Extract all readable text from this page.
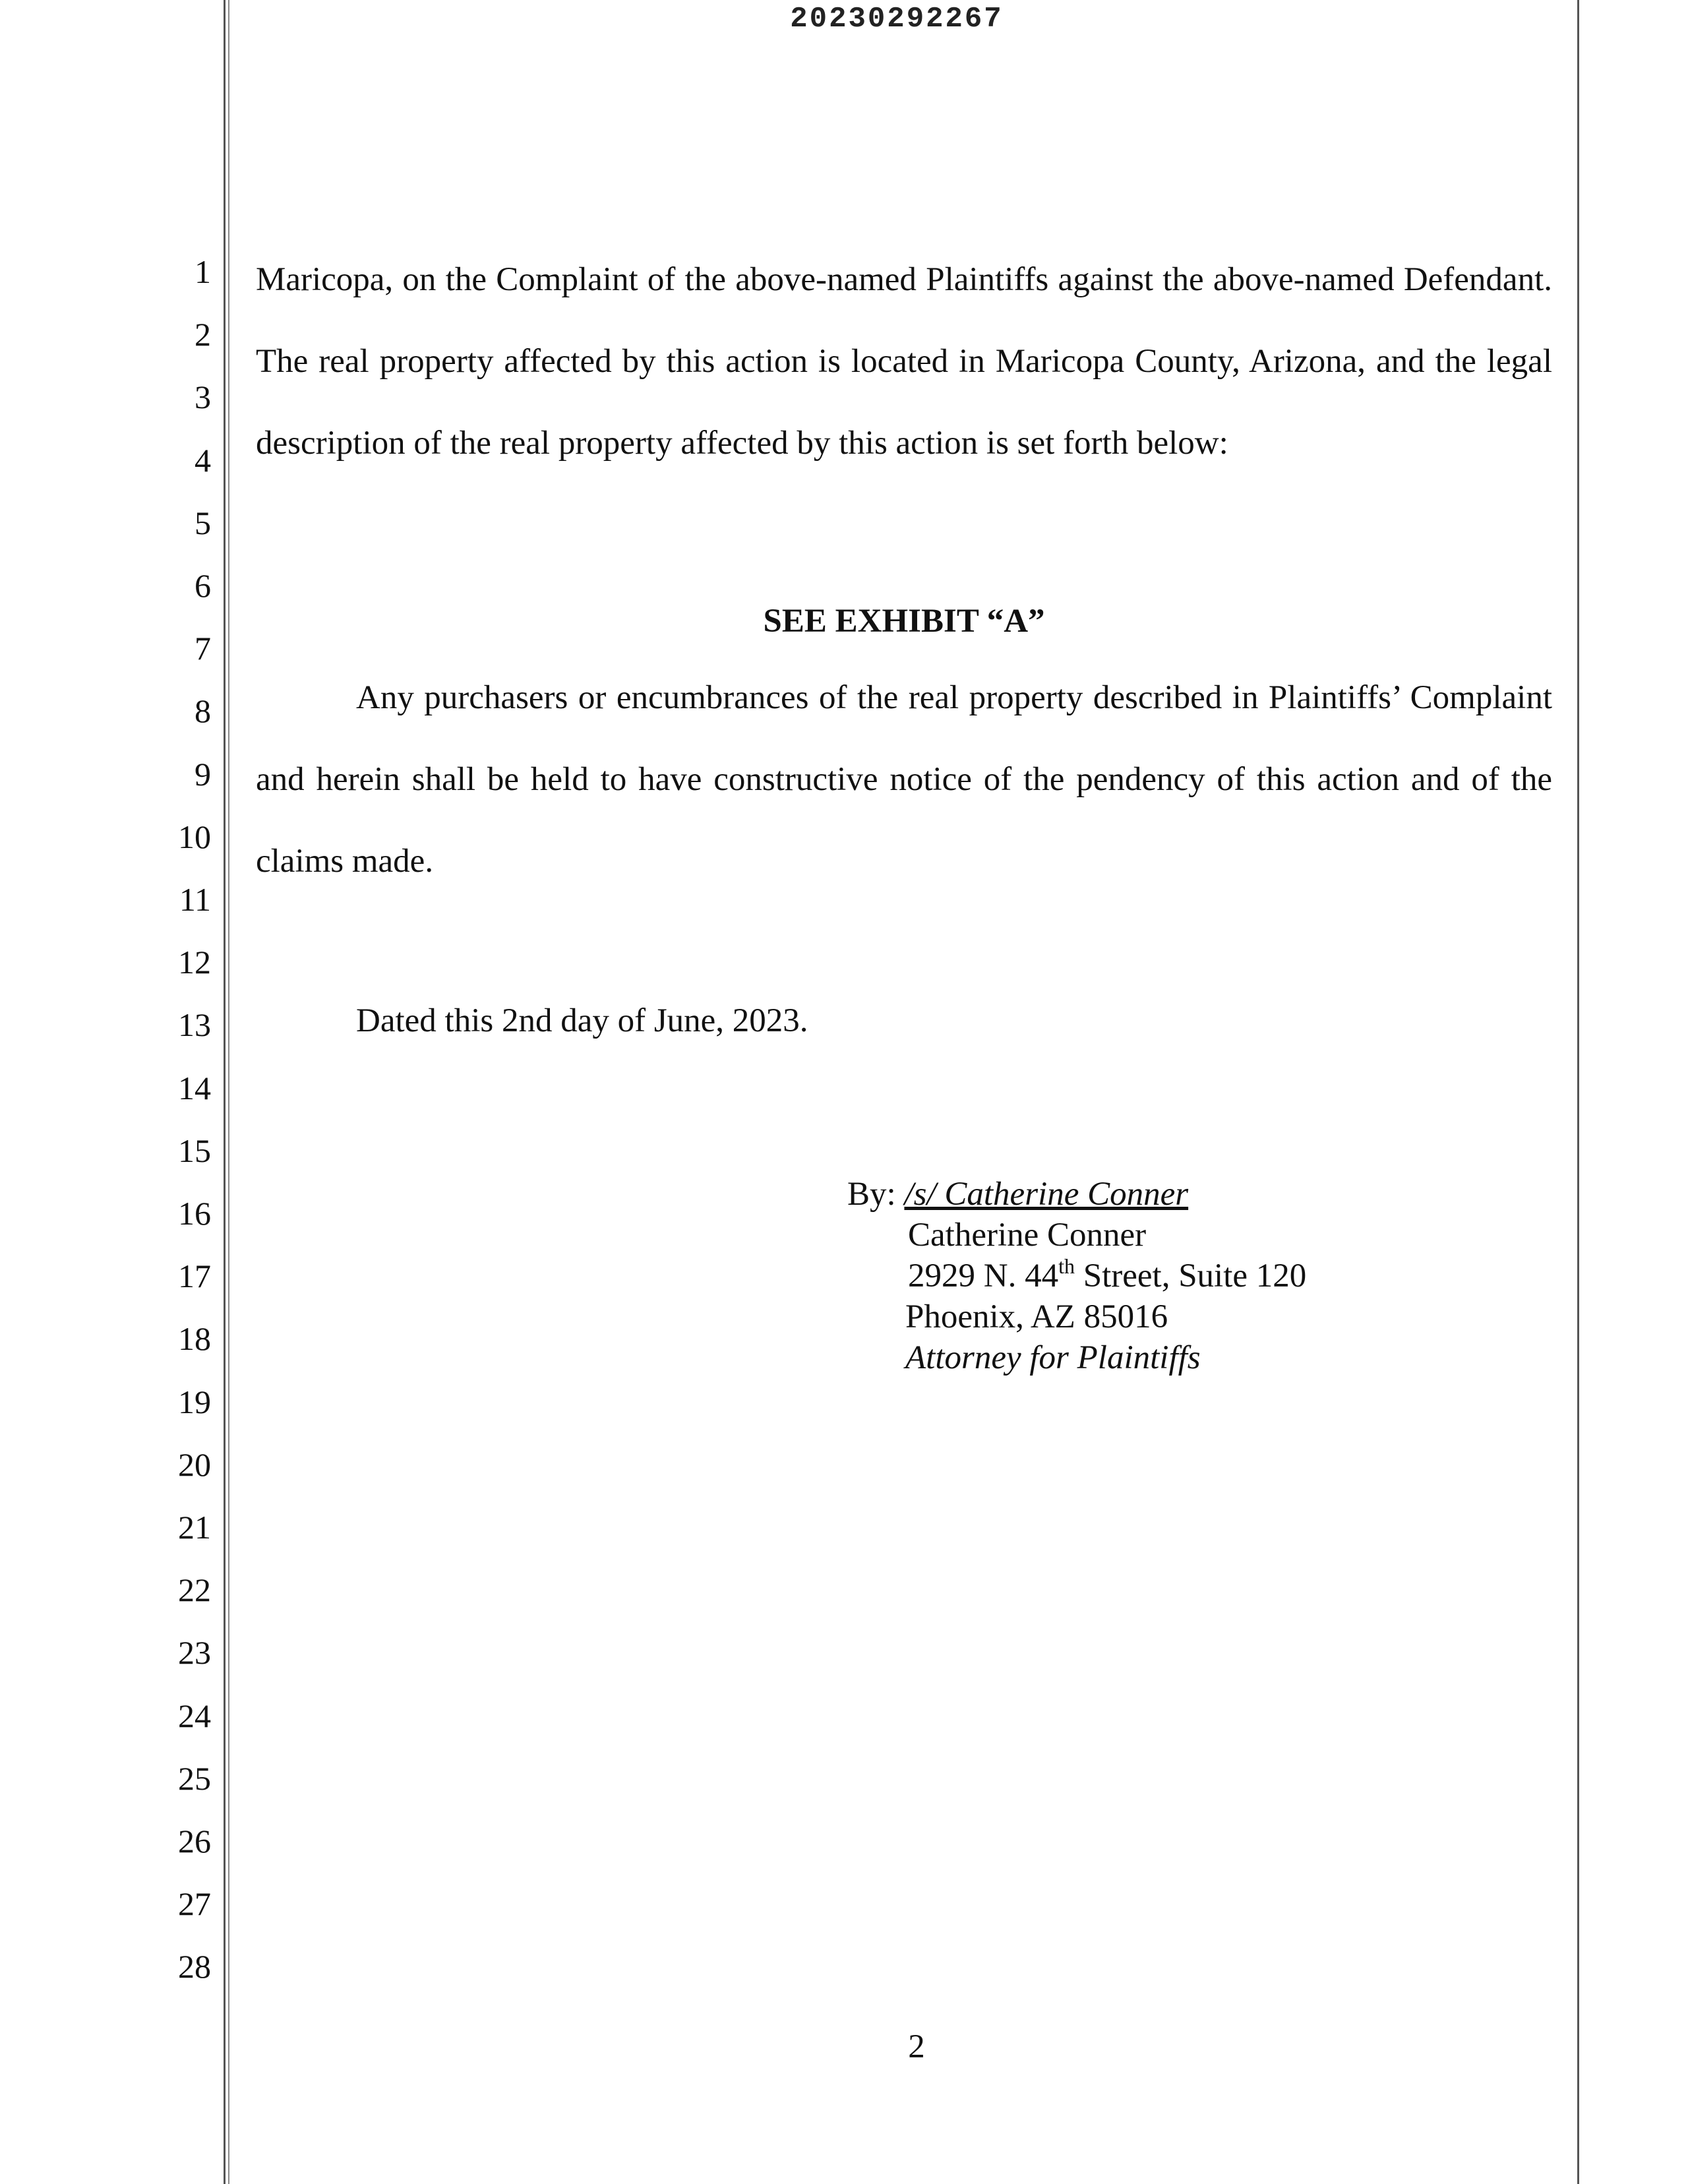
20230292267
1
2
3
4
5
6
7
8
9
10
11
12
13
14
15
16
17
18
19
20
21
22
23
24
25
26
27
28

Maricopa, on the Complaint of the above-named Plaintiffs against the above-named Defendant. The real property affected by this action is located in Maricopa County, Arizona, and the legal description of the real property affected by this action is set forth below:

SEE EXHIBIT “A”

Any purchasers or encumbrances of the real property described in Plaintiffs’ Complaint and herein shall be held to have constructive notice of the pendency of this action and of the claims made.

Dated this 2nd day of June, 2023.
By: /s/ Catherine Conner
Catherine Conner
2929 N. 44th Street, Suite 120
Phoenix, AZ 85016
Attorney for Plaintiffs
2
